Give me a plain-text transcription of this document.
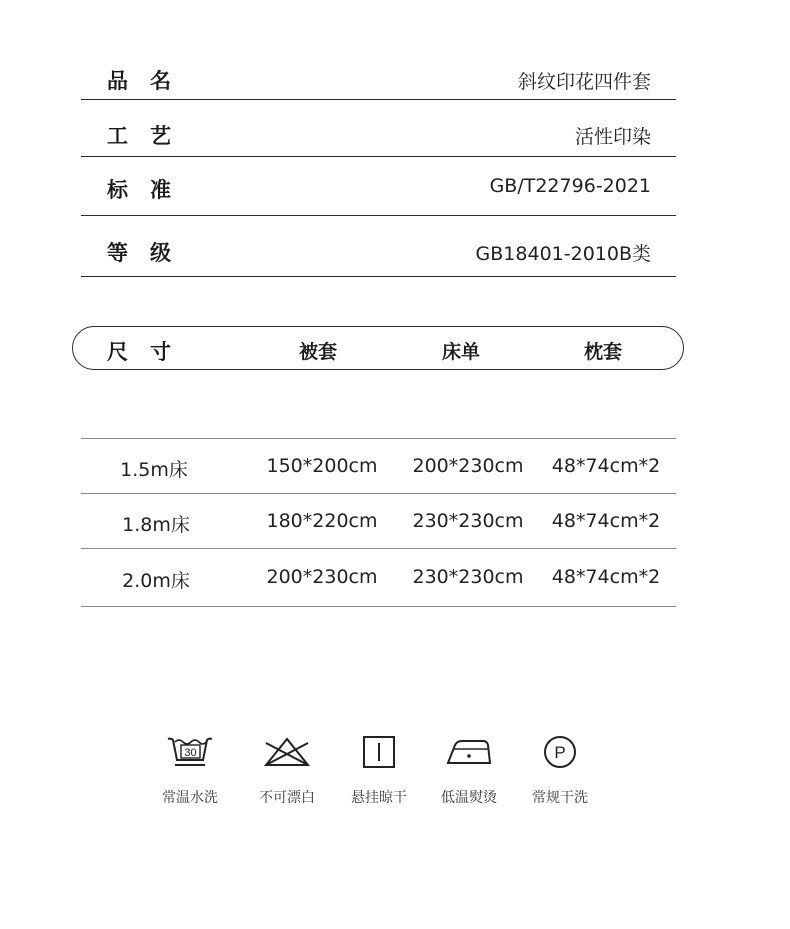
品名	斜纹印花四件套
工艺	活性印染
标准	GB/T22796-2021
等级	GB18401-2010B类
尺寸	被套	床单	枕套
1.5m床	150*200cm 200*230cm 48*74cm*2
1.8m床	180*220cm 230*230cm 48*74cm*2
2.0m床	200*230cm 230*230cm 48*74cm*2
30
常温水洗	不可漂白	悬挂晾干	低温熨烫
P
常规干洗
